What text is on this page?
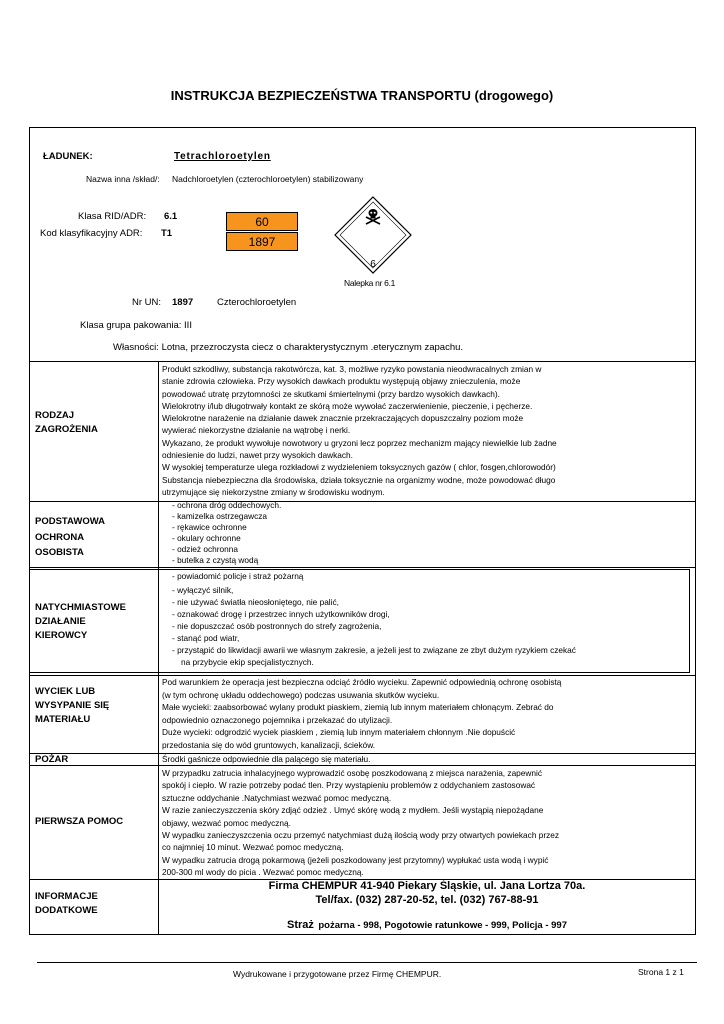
INSTRUKCJA BEZPIECZEŃSTWA TRANSPORTU (drogowego)
ŁADUNEK:	Tetrachloroetylen
Nazwa inna /skład/: Nadchloroetylen (czterochloroetylen) stabilizowany
Klasa RID/ADR: 6.1
Kod klasyfikacyjny ADR: T1
60
1897
6
Nalepka nr 6.1
Nr UN: 1897	Czterochloroetylen
Klasa grupa pakowania: III
Własności: Lotna, przezroczysta ciecz o charakterystycznym .eterycznym zapachu.
RODZAJ
ZAGROŻENIA
Produkt szkodliwy, substancja rakotwórcza, kat. 3, możliwe ryzyko powstania nieodwracalnych zmian w
stanie zdrowia człowieka. Przy wysokich dawkach produktu występują objawy znieczulenia, może
powodować utratę przytomności ze skutkami śmiertelnymi (przy bardzo wysokich dawkach).
Wielokrotny i/lub długotrwały kontakt ze skórą może wywołać zaczerwienienie, pieczenie, i pęcherze.
Wielokrotne narażenie na działanie dawek znacznie przekraczających dopuszczalny poziom może
wywierać niekorzystne działanie na wątrobę i nerki.
Wykazano, że produkt wywołuje nowotwory u gryzoni lecz poprzez mechanizm mający niewielkie lub żadne
odniesienie do ludzi, nawet przy wysokich dawkach.
W wysokiej temperaturze ulega rozkładowi z wydzieleniem toksycznych gazów ( chlor, fosgen,chlorowodór)
Substancja niebezpieczna dla środowiska, działa toksycznie na organizmy wodne, może powodować długo
utrzymujące się niekorzystne zmiany w środowisku wodnym.
PODSTAWOWA
OCHRONA
OSOBISTA
- ochrona dróg oddechowych.
- kamizelka ostrzegawcza
- rękawice ochronne
- okulary ochronne
- odzież ochronna
- butelka z czystą wodą
NATYCHMIASTOWE
DZIAŁANIE
KIEROWCY
- powiadomić policje i straż pożarną
- wyłączyć silnik,
- nie używać światła nieosłoniętego, nie palić,
- oznakować drogę i przestrzec innych użytkowników drogi,
- nie dopuszczać osób postronnych do strefy zagrożenia,
- stanąć pod wiatr,
- przystąpić do likwidacji awarii we własnym zakresie, a jeżeli jest to związane ze zbyt dużym ryzykiem czekać
na przybycie ekip specjalistycznych.
WYCIEK LUB
WYSYPANIE SIĘ
MATERIAŁU
Pod warunkiem że operacja jest bezpieczna odciąć źródło wycieku. Zapewnić odpowiednią ochronę osobistą
(w tym ochronę układu oddechowego) podczas usuwania skutków wycieku.
Małe wycieki: zaabsorbować wylany produkt piaskiem, ziemią lub innym materiałem chłonącym. Zebrać do
odpowiednio oznaczonego pojemnika i przekazać do utylizacji.
Duże wycieki: odgrodzić wyciek piaskiem , ziemią lub innym materiałem chłonnym .Nie dopuścić
przedostania się do wód gruntowych, kanalizacji, ścieków.
POŻAR	Środki gaśnicze odpowiednie dla palącego się materiału.
PIERWSZA POMOC
W przypadku zatrucia inhalacyjnego wyprowadzić osobę poszkodowaną z miejsca narażenia, zapewnić
spokój i ciepło. W razie potrzeby podać tlen. Przy wystąpieniu problemów z oddychaniem zastosować
sztuczne oddychanie .Natychmiast wezwać pomoc medyczną.
W razie zanieczyszczenia skóry zdjąć odzież . Umyć skórę wodą z mydłem. Jeśli wystąpią niepożądane
objawy, wezwać pomoc medyczną.
W wypadku zanieczyszczenia oczu przemyć natychmiast dużą ilością wody przy otwartych powiekach przez
co najmniej 10 minut. Wezwać pomoc medyczną.
W wypadku zatrucia drogą pokarmową (jeżeli poszkodowany jest przytomny) wypłukać usta wodą i wypić
200-300 ml wody do picia . Wezwać pomoc medyczną.
INFORMACJE
DODATKOWE
Firma CHEMPUR 41-940 Piekary Śląskie, ul. Jana Lortza 70a.
Tel/fax. (032) 287-20-52, tel. (032) 767-88-91
Straż pożarna - 998, Pogotowie ratunkowe - 999, Policja - 997
Wydrukowane i przygotowane przez Firmę CHEMPUR.	Strona 1 z 1
